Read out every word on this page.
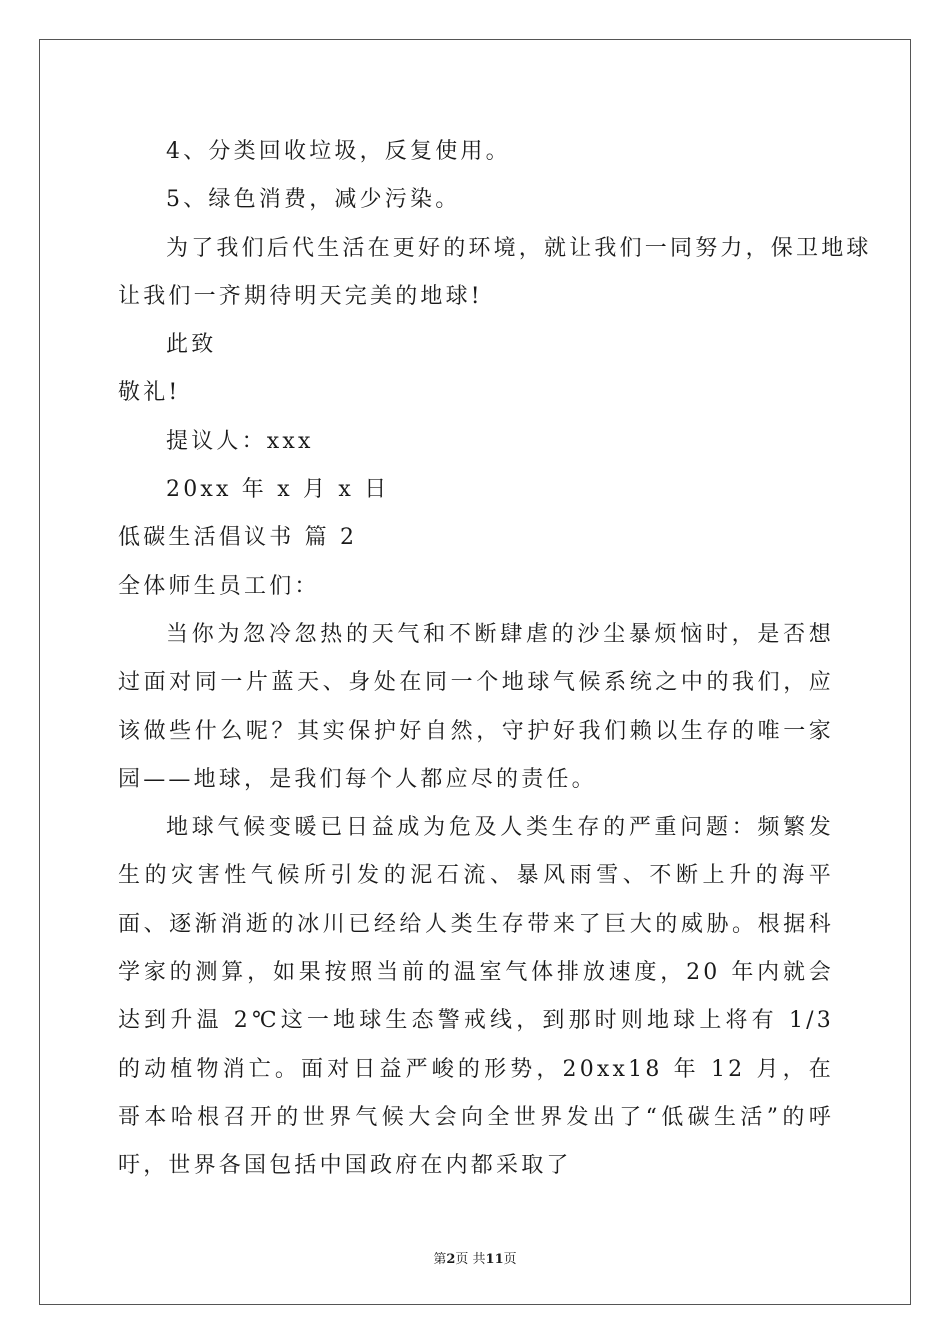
4、分类回收垃圾，反复使用。
5、绿色消费，减少污染。
为了我们后代生活在更好的环境，就让我们一同努力，保卫地球
让我们一齐期待明天完美的地球!
此致
敬礼!
提议人：xxx
20xx 年 x 月 x 日
低碳生活倡议书 篇 2
全体师生员工们：
当你为忽冷忽热的天气和不断肆虐的沙尘暴烦恼时，是否想过面对同一片蓝天、身处在同一个地球气候系统之中的我们，应该做些什么呢？其实保护好自然，守护好我们赖以生存的唯一家园——地球，是我们每个人都应尽的责任。
地球气候变暖已日益成为危及人类生存的严重问题：频繁发生的灾害性气候所引发的泥石流、暴风雨雪、不断上升的海平面、逐渐消逝的冰川已经给人类生存带来了巨大的威胁。根据科学家的测算，如果按照当前的温室气体排放速度，20 年内就会达到升温 2℃这一地球生态警戒线，到那时则地球上将有 1/3 的动植物消亡。面对日益严峻的形势，20xx18 年 12 月，在哥本哈根召开的世界气候大会向全世界发出了“低碳生活”的呼吁，世界各国包括中国政府在内都采取了
第2页 共11页
